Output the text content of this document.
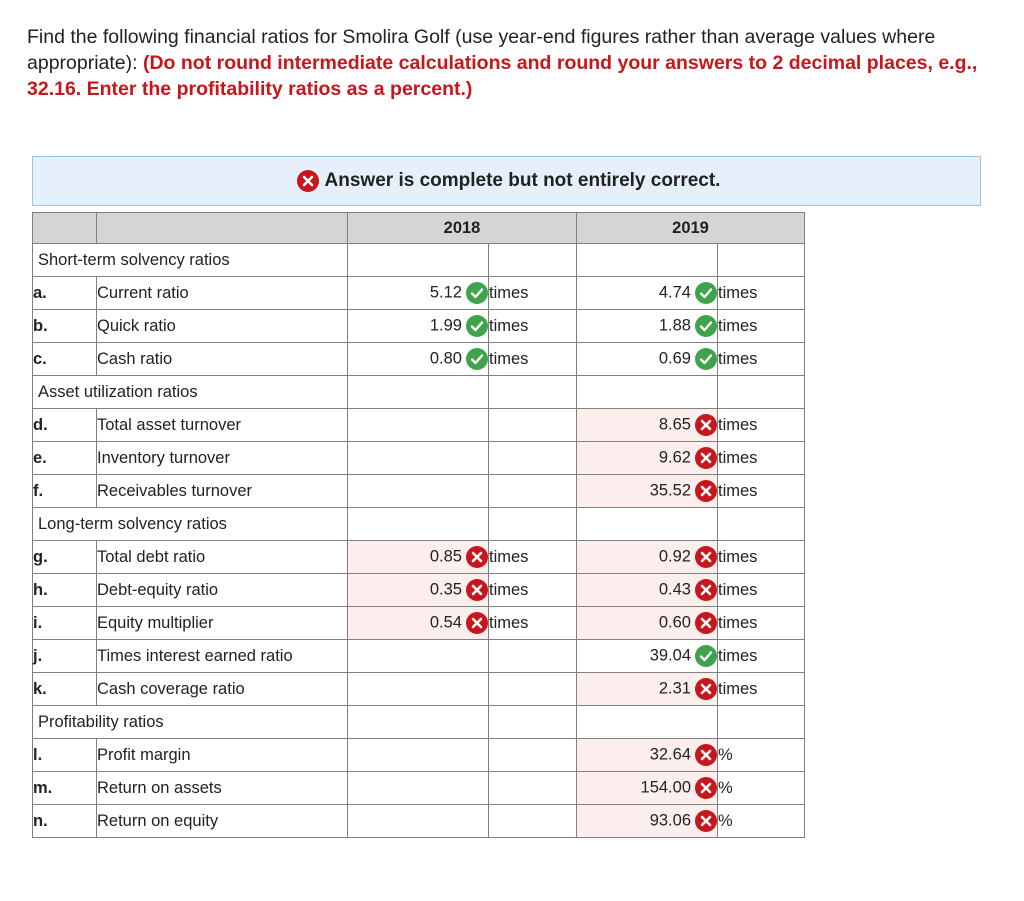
Find the following financial ratios for Smolira Golf (use year-end figures rather than average values where appropriate): (Do not round intermediate calculations and round your answers to 2 decimal places, e.g., 32.16. Enter the profitability ratios as a percent.)
Answer is complete but not entirely correct.
		2018		2019	
Short-term solvency ratios					
a.	Current ratio	5.12	times	4.74	times
b.	Quick ratio	1.99	times	1.88	times
c.	Cash ratio	0.80	times	0.69	times
Asset utilization ratios					
d.	Total asset turnover			8.65	times
e.	Inventory turnover			9.62	times
f.	Receivables turnover			35.52	times
Long-term solvency ratios					
g.	Total debt ratio	0.85	times	0.92	times
h.	Debt-equity ratio	0.35	times	0.43	times
i.	Equity multiplier	0.54	times	0.60	times
j.	Times interest earned ratio			39.04	times
k.	Cash coverage ratio			2.31	times
Profitability ratios					
l.	Profit margin			32.64	%
m.	Return on assets			154.00	%
n.	Return on equity			93.06	%
